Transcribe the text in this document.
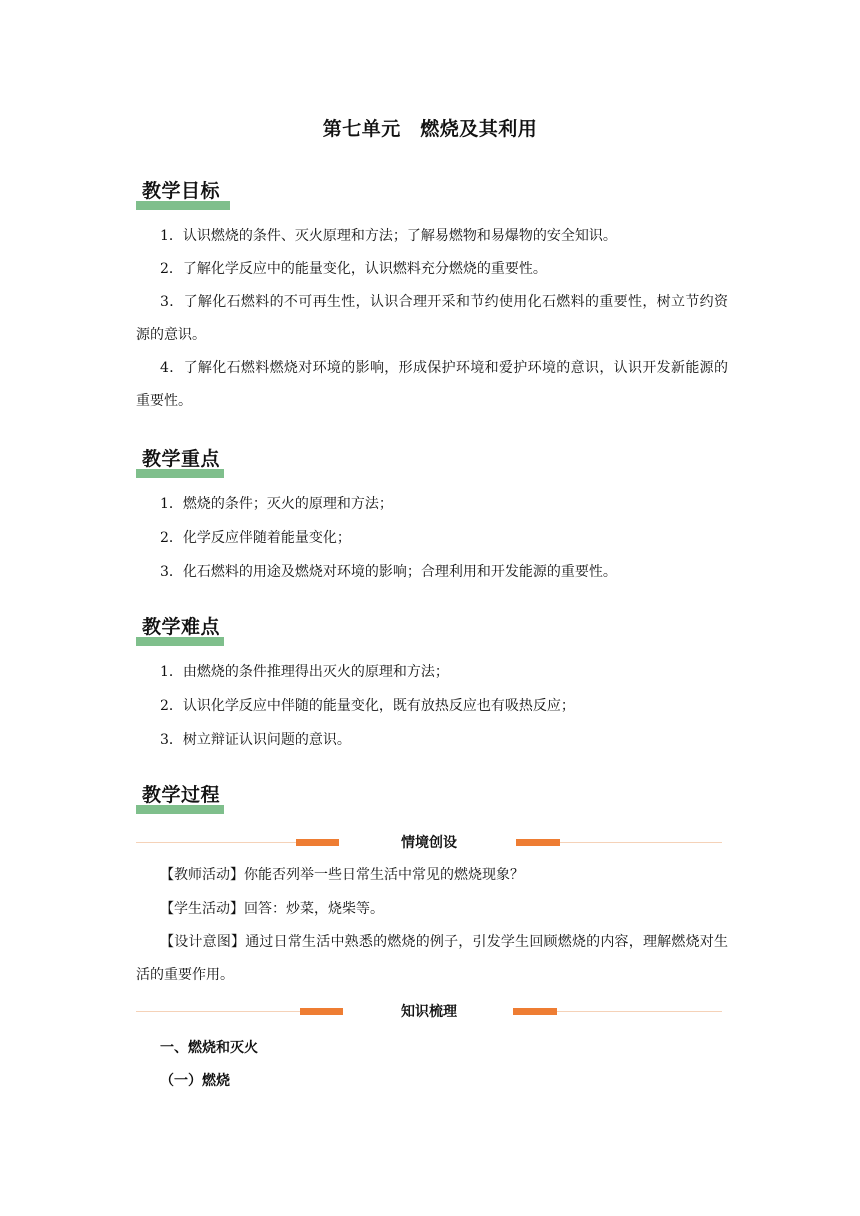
第七单元　燃烧及其利用
教学目标

1．认识燃烧的条件、灭火原理和方法；了解易燃物和易爆物的安全知识。

2．了解化学反应中的能量变化，认识燃料充分燃烧的重要性。

3．了解化石燃料的不可再生性，认识合理开采和节约使用化石燃料的重要性，树立节约资源的意识。

4．了解化石燃料燃烧对环境的影响，形成保护环境和爱护环境的意识，认识开发新能源的重要性。

教学重点

1．燃烧的条件；灭火的原理和方法；

2．化学反应伴随着能量变化；

3．化石燃料的用途及燃烧对环境的影响；合理利用和开发能源的重要性。

教学难点

1．由燃烧的条件推理得出灭火的原理和方法；

2．认识化学反应中伴随的能量变化，既有放热反应也有吸热反应；

3．树立辩证认识问题的意识。

教学过程
情境创设

【教师活动】你能否列举一些日常生活中常见的燃烧现象？

【学生活动】回答：炒菜，烧柴等。

【设计意图】通过日常生活中熟悉的燃烧的例子，引发学生回顾燃烧的内容，理解燃烧对生活的重要作用。

知识梳理
一、燃烧和灭火
（一）燃烧
